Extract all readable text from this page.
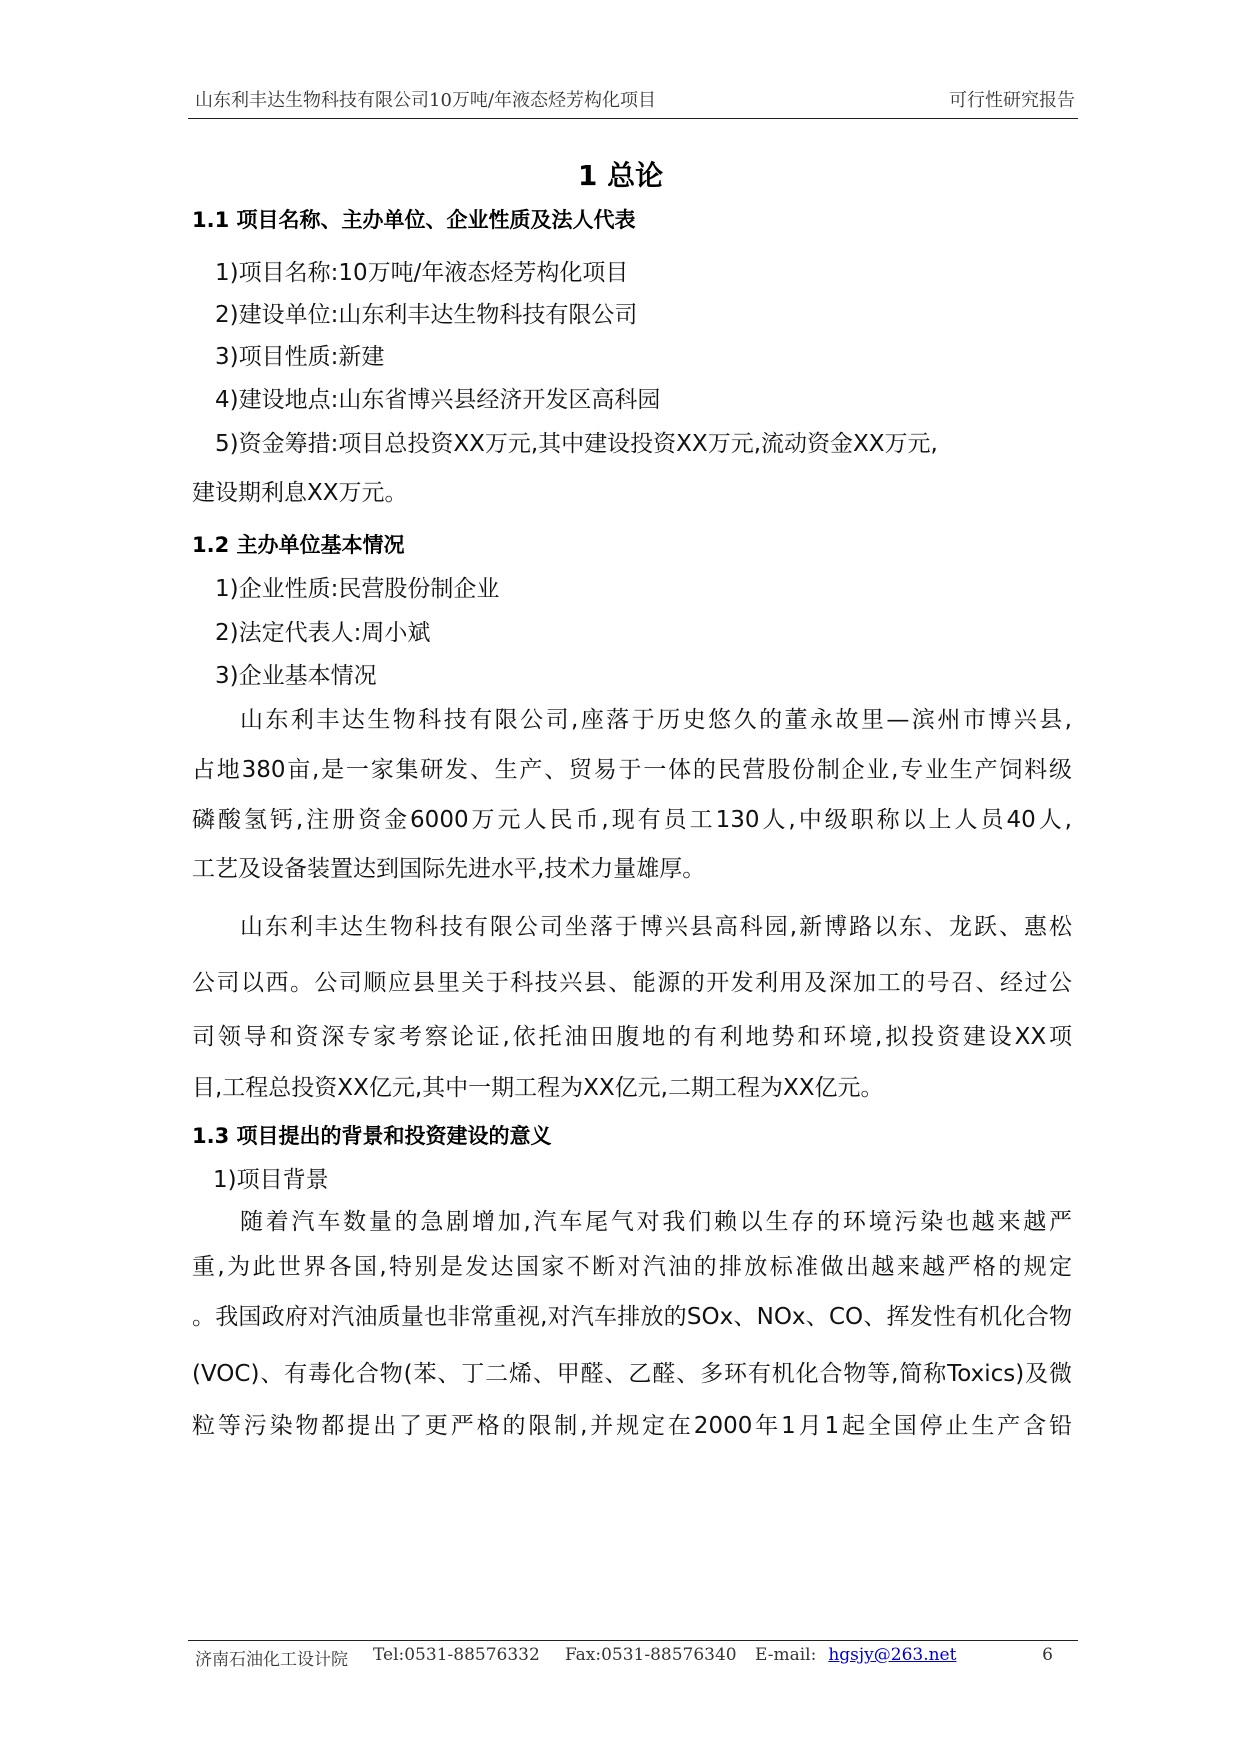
山东利丰达生物科技有限公司10万吨/年液态烃芳构化项目	可行性研究报告
1 总论
1.1 项目名称、主办单位、企业性质及法人代表
1)项目名称:10万吨/年液态烃芳构化项目
2)建设单位:山东利丰达生物科技有限公司
3)项目性质:新建
4)建设地点:山东省博兴县经济开发区高科园
5)资金筹措:项目总投资XX万元,其中建设投资XX万元,流动资金XX万元,
建设期利息XX万元。
1.2 主办单位基本情况
1)企业性质:民营股份制企业
2)法定代表人:周小斌
3)企业基本情况
山东利丰达生物科技有限公司,座落于历史悠久的董永故里—滨州市博兴县,
占地380亩,是一家集研发、生产、贸易于一体的民营股份制企业,专业生产饲料级
磷酸氢钙,注册资金6000万元人民币,现有员工130人,中级职称以上人员40人,
工艺及设备装置达到国际先进水平,技术力量雄厚。
山东利丰达生物科技有限公司坐落于博兴县高科园,新博路以东、龙跃、惠松
公司以西。公司顺应县里关于科技兴县、能源的开发利用及深加工的号召、经过公
司领导和资深专家考察论证,依托油田腹地的有利地势和环境,拟投资建设XX项
目,工程总投资XX亿元,其中一期工程为XX亿元,二期工程为XX亿元。
1.3 项目提出的背景和投资建设的意义
1)项目背景
随着汽车数量的急剧增加,汽车尾气对我们赖以生存的环境污染也越来越严
重,为此世界各国,特别是发达国家不断对汽油的排放标准做出越来越严格的规定
。我国政府对汽油质量也非常重视,对汽车排放的SOx、NOx、CO、挥发性有机化合物
(VOC)、有毒化合物(苯、丁二烯、甲醛、乙醛、多环有机化合物等,简称Toxics)及微
粒等污染物都提出了更严格的限制,并规定在2000年1月1起全国停止生产含铅
济南石油化工设计院 Tel:0531-88576332 Fax:0531-88576340 E-mail: hgsjy@263.net	6
